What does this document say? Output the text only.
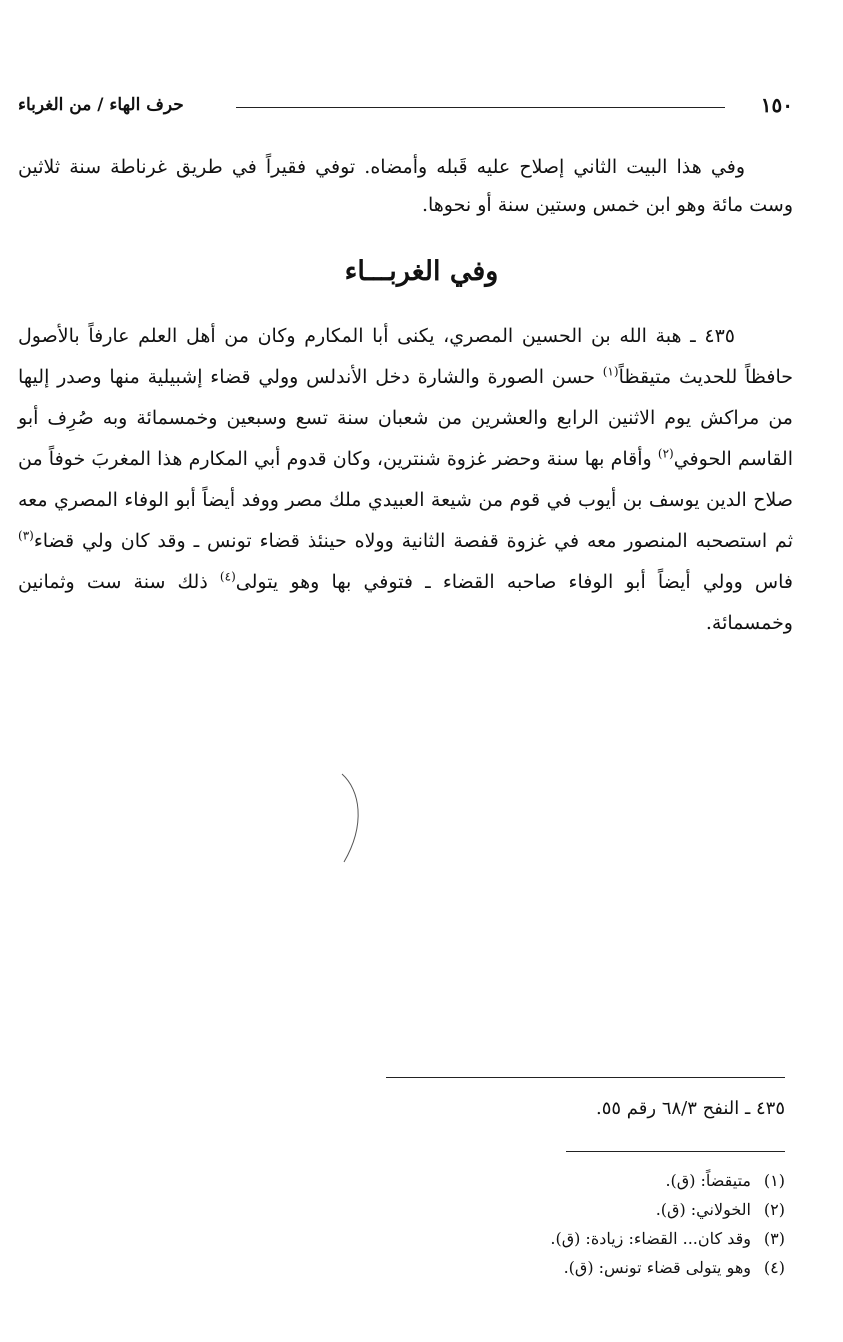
١٥٠
حرف الهاء / من الغرباء

وفي هذا البيت الثاني إصلاح عليه قَبله وأمضاه. توفي فقيراً في طريق غرناطة سنة ثلاثين وست مائة وهو ابن خمس وستين سنة أو نحوها.

وفي الغربـــاء

٤٣٥ ـ هبة الله بن الحسين المصري، يكنى أبا المكارم وكان من أهل العلم عارفاً بالأصول حافظاً للحديث متيقظاً$^{(١)}$ حسن الصورة والشارة دخل الأندلس وولي قضاء إشبيلية منها وصدر إليها من مراكش يوم الاثنين الرابع والعشرين من شعبان سنة تسع وسبعين وخمسمائة وبه صُرِف أبو القاسم الحوفي$^{(٢)}$ وأقام بها سنة وحضر غزوة شنترين، وكان قدوم أبي المكارم هذا المغربَ خوفاً من صلاح الدين يوسف بن أيوب في قوم من شيعة العبيدي ملك مصر ووفد أيضاً أبو الوفاء المصري معه ثم استصحبه المنصور معه في غزوة قفصة الثانية وولاه حينئذ قضاء تونس ـ وقد كان ولي قضاء$^{(٣)}$ فاس وولي أيضاً أبو الوفاء صاحبه القضاء ـ فتوفي بها وهو يتولى$^{(٤)}$ ذلك سنة ست وثمانين وخمسمائة.

٤٣٥ ـ النفح ٦٨/٣ رقم ٥٥.
(١)متيقضاً: (ق).
(٢)الخولاني: (ق).
(٣)وقد كان... القضاء: زيادة: (ق).
(٤)وهو يتولى قضاء تونس: (ق).
